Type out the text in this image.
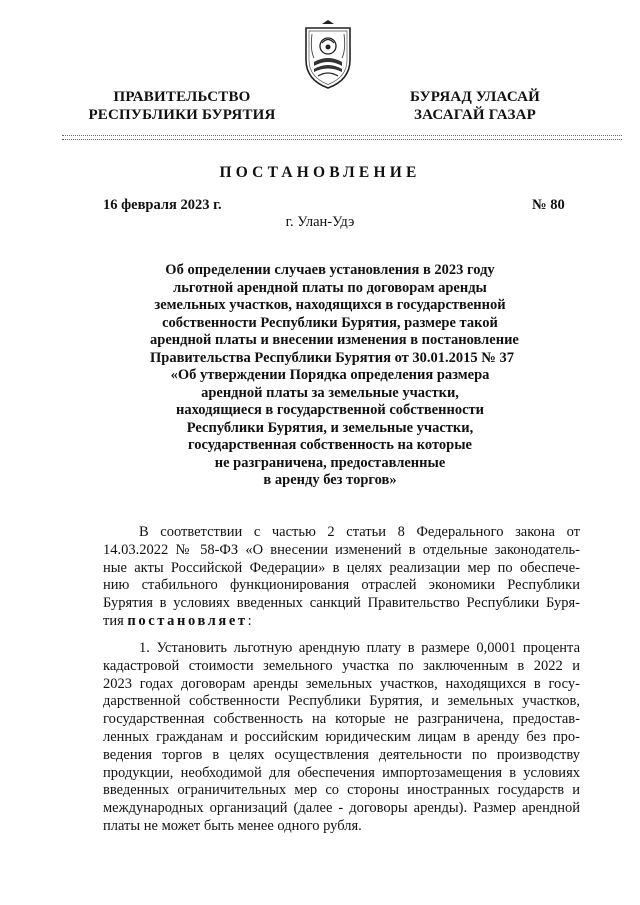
ПРАВИТЕЛЬСТВО
РЕСПУБЛИКИ БУРЯТИЯ
БУРЯАД УЛАСАЙ
ЗАСАГАЙ ГАЗАР
ПОСТАНОВЛЕНИЕ
16 февраля 2023 г.	№ 80
г. Улан-Удэ
Об определении случаев установления в 2023 году
льготной арендной платы по договорам аренды
земельных участков, находящихся в государственной
собственности Республики Бурятия, размере такой
арендной платы и внесении изменения в постановление
Правительства Республики Бурятия от 30.01.2015 № 37
«Об утверждении Порядка определения размера
арендной платы за земельные участки,
находящиеся в государственной собственности
Республики Бурятия, и земельные участки,
государственная собственность на которые
не разграничена, предоставленные
в аренду без торгов»
В соответствии с частью 2 статьи 8 Федерального закона от
14.03.2022 № 58-ФЗ «О внесении изменений в отдельные законодатель-
ные акты Российской Федерации» в целях реализации мер по обеспече-
нию стабильного функционирования отраслей экономики Республики
Бурятия в условиях введенных санкций Правительство Республики Буря-
тия постановляет:
1. Установить льготную арендную плату в размере 0,0001 процента
кадастровой стоимости земельного участка по заключенным в 2022 и
2023 годах договорам аренды земельных участков, находящихся в госу-
дарственной собственности Республики Бурятия, и земельных участков,
государственная собственность на которые не разграничена, предостав-
ленных гражданам и российским юридическим лицам в аренду без про-
ведения торгов в целях осуществления деятельности по производству
продукции, необходимой для обеспечения импортозамещения в условиях
введенных ограничительных мер со стороны иностранных государств и
международных организаций (далее - договоры аренды). Размер арендной
платы не может быть менее одного рубля.
